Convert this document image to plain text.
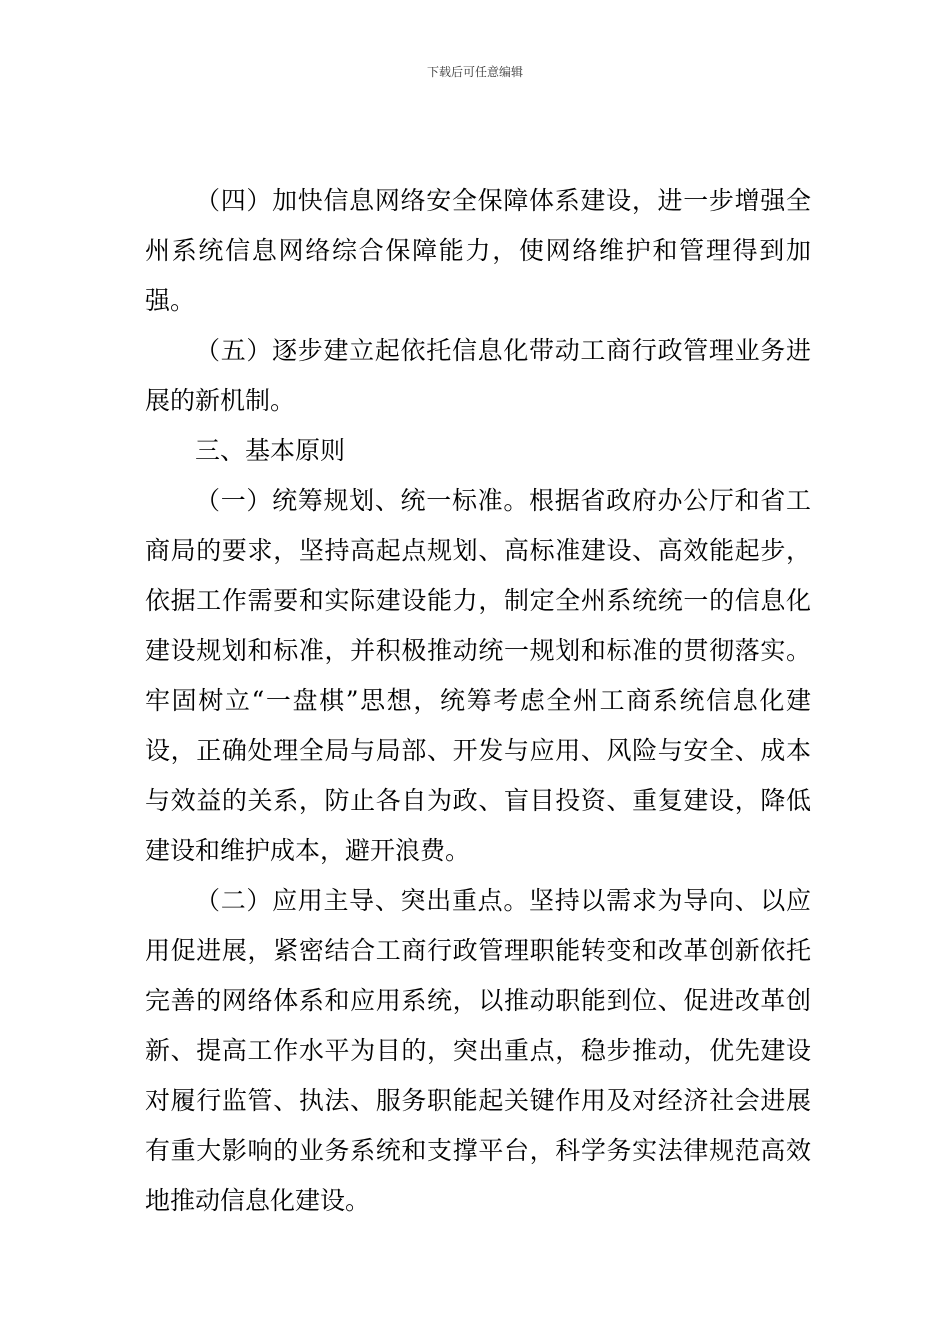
下载后可任意编辑

（四）加快信息网络安全保障体系建设，进一步增强全州系统信息网络综合保障能力，使网络维护和管理得到加强。

（五）逐步建立起依托信息化带动工商行政管理业务进展的新机制。

三、基本原则

（一）统筹规划、统一标准。根据省政府办公厅和省工商局的要求，坚持高起点规划、高标准建设、高效能起步，依据工作需要和实际建设能力，制定全州系统统一的信息化建设规划和标准，并积极推动统一规划和标准的贯彻落实。牢固树立“一盘棋”思想，统筹考虑全州工商系统信息化建设，正确处理全局与局部、开发与应用、风险与安全、成本与效益的关系，防止各自为政、盲目投资、重复建设，降低建设和维护成本，避开浪费。

（二）应用主导、突出重点。坚持以需求为导向、以应用促进展，紧密结合工商行政管理职能转变和改革创新依托完善的网络体系和应用系统，以推动职能到位、促进改革创新、提高工作水平为目的，突出重点，稳步推动，优先建设对履行监管、执法、服务职能起关键作用及对经济社会进展有重大影响的业务系统和支撑平台，科学务实法律规范高效地推动信息化建设。
